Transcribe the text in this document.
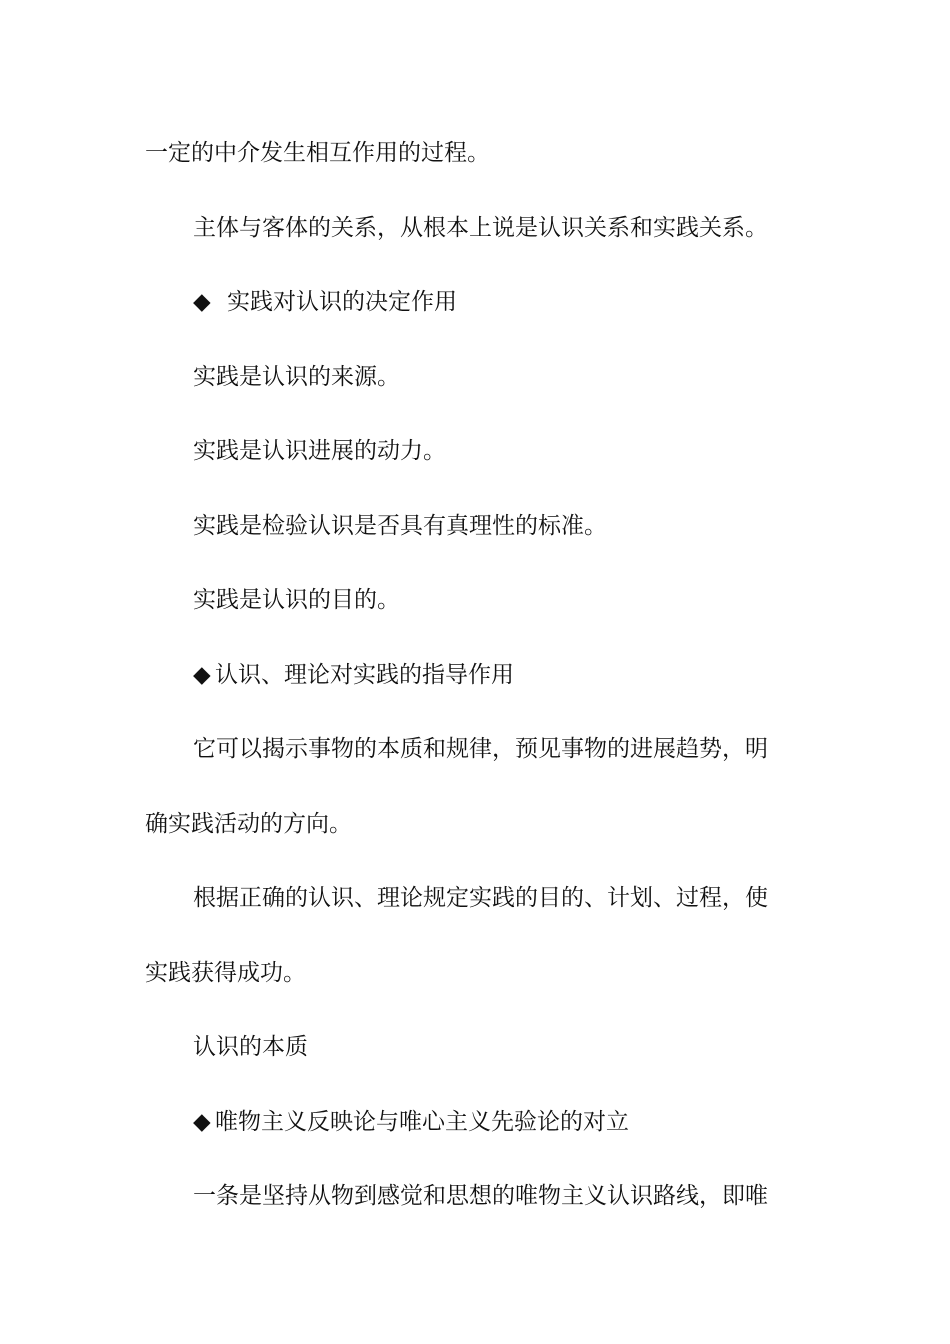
一定的中介发生相互作用的过程。

主体与客体的关系，从根本上说是认识关系和实践关系。

◆ 实践对认识的决定作用

实践是认识的来源。

实践是认识进展的动力。

实践是检验认识是否具有真理性的标准。

实践是认识的目的。

◆ 认识、理论对实践的指导作用

它可以揭示事物的本质和规律，预见事物的进展趋势，明

确实践活动的方向。

根据正确的认识、理论规定实践的目的、计划、过程，使

实践获得成功。

认识的本质

◆ 唯物主义反映论与唯心主义先验论的对立

一条是坚持从物到感觉和思想的唯物主义认识路线，即唯
